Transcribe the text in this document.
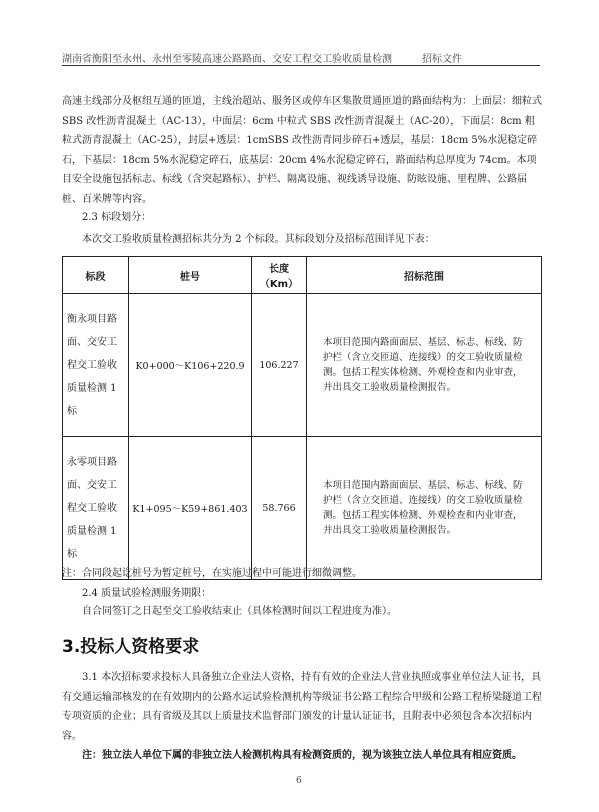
湖南省衡阳至永州、永州至零陵高速公路路面、交安工程交工验收质量检测	招标文件
高速主线部分及枢纽互通的匝道，主线治超站、服务区或停车区集散贯通匝道的路面结构为：上面层：细粒式 SBS 改性沥青混凝土（AC-13），中面层：6cm 中粒式 SBS 改性沥青混凝土（AC-20），下面层：8cm 粗粒式沥青混凝土（AC-25），封层+透层：1cmSBS 改性沥青同步碎石+透层，基层：18cm 5%水泥稳定碎石，下基层：18cm 5%水泥稳定碎石，底基层：20cm 4%水泥稳定碎石，路面结构总厚度为 74cm。本项目安全设施包括标志、标线（含突起路标）、护栏、隔离设施、视线诱导设施、防眩设施、里程牌、公路届桩、百米牌等内容。
2.3 标段划分：
本次交工验收质量检测招标共分为 2 个标段。其标段划分及招标范围详见下表：
标段	桩号	长度（Km）	招标范围
衡永项目路面、交安工程交工验收质量检测 1 标	K0+000～K106+220.9	106.227	本项目范围内路面面层、基层、标志、标线、防护栏（含立交匝道、连接线）的交工验收质量检测。包括工程实体检测、外观检查和内业审查，并出具交工验收质量检测报告。
永零项目路面、交安工程交工验收质量检测 1 标	K1+095～K59+861.403	58.766	本项目范围内路面面层、基层、标志、标线、防护栏（含立交匝道、连接线）的交工验收质量检测。包括工程实体检测、外观检查和内业审查，并出具交工验收质量检测报告。
注：合同段起讫桩号为暂定桩号，在实施过程中可能进行细微调整。
2.4 质量试验检测服务期限：
自合同签订之日起至交工验收结束止（具体检测时间以工程进度为准）。
3.投标人资格要求
3.1 本次招标要求投标人具备独立企业法人资格，持有有效的企业法人营业执照或事业单位法人证书，具有交通运输部核发的在有效期内的公路水运试验检测机构等级证书公路工程综合甲级和公路工程桥梁隧道工程专项资质的企业；具有省级及其以上质量技术监督部门颁发的计量认证证书，且附表中必须包含本次招标内容。
注：独立法人单位下属的非独立法人检测机构具有检测资质的，视为该独立法人单位具有相应资质。
6
